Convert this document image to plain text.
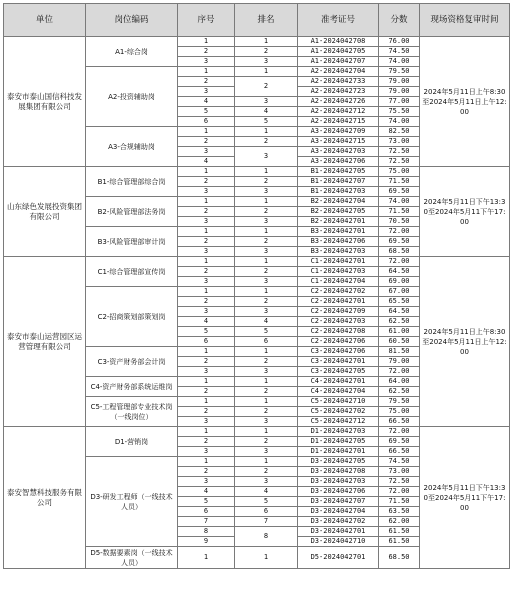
单位	岗位编码	序号	排名	准考证号	分数	现场资格复审时间
泰安市泰山国信科技发展集团有限公司	A1-综合岗	1	1	A1-2024042708	76.00	2024年5月11日上午8:30至2024年5月11日上午12:00
		2	2	A1-2024042705	74.50	
		3	3	A1-2024042707	74.00	
	A2-投资辅助岗	1	1	A2-2024042704	79.50	
		2	2	A2-2024042733	79.00	
		3		A2-2024042723	79.00	
		4	3	A2-2024042726	77.00	
		5	4	A2-2024042712	75.50	
		6	5	A2-2024042715	74.00	
	A3-合规辅助岗	1	1	A3-2024042709	82.50	
		2	2	A3-2024042715	73.00	
		3	3	A3-2024042703	72.50	
		4		A3-2024042706	72.50	
山东绿色发展投资集团有限公司	B1-综合管理部综合岗	1	1	B1-2024042705	75.00	2024年5月11日下午13:30至2024年5月11下午17:00
		2	2	B1-2024042707	71.50	
		3	3	B1-2024042703	69.50	
	B2-风险管理部法务岗	1	1	B2-2024042704	74.00	
		2	2	B2-2024042705	71.50	
		3	3	B2-2024042701	70.50	
	B3-风险管理部审计岗	1	1	B3-2024042701	72.00	
		2	2	B3-2024042706	69.50	
		3	3	B3-2024042703	68.50	
泰安市泰山运营园区运营管理有限公司	C1-综合管理部宣传岗	1	1	C1-2024042701	72.00	2024年5月11日上午8:30至2024年5月11日上午12:00
		2	2	C1-2024042703	64.50	
		3	3	C1-2024042704	69.00	
	C2-招商策划部策划岗	1	1	C2-2024042702	67.00	
		2	2	C2-2024042701	65.50	
		3	3	C2-2024042709	64.50	
		4	4	C2-2024042703	62.50	
		5	5	C2-2024042708	61.00	
		6	6	C2-2024042706	60.50	
	C3-资产财务部会计岗	1	1	C3-2024042706	81.50	
		2	2	C3-2024042701	79.00	
		3	3	C3-2024042705	72.00	
	C4-资产财务部系统运维岗	1	1	C4-2024042701	64.00	
		2	2	C4-2024042704	62.50	
	C5-工程管理部专业技术岗（一线岗位）	1	1	C5-2024042710	79.50	
		2	2	C5-2024042702	75.00	
		3	3	C5-2024042712	66.50	
泰安智慧科技服务有限公司	D1-营销岗	1	1	D1-2024042703	72.00	2024年5月11日下午13:30至2024年5月11下午17:00
		2	2	D1-2024042705	69.50	
		3	3	D1-2024042701	66.50	
	D3-研发工程师（一线技术人员）	1	1	D3-2024042705	74.50	
		2	2	D3-2024042708	73.00	
		3	3	D3-2024042703	72.50	
		4	4	D3-2024042706	72.00	
		5	5	D3-2024042707	71.50	
		6	6	D3-2024042704	63.50	
		7	7	D3-2024042702	62.00	
		8	8	D3-2024042701	61.50	
		9		D3-2024042710	61.50	
	D5-数据要素岗（一线技术人员）	1	1	D5-2024042701	68.50	
